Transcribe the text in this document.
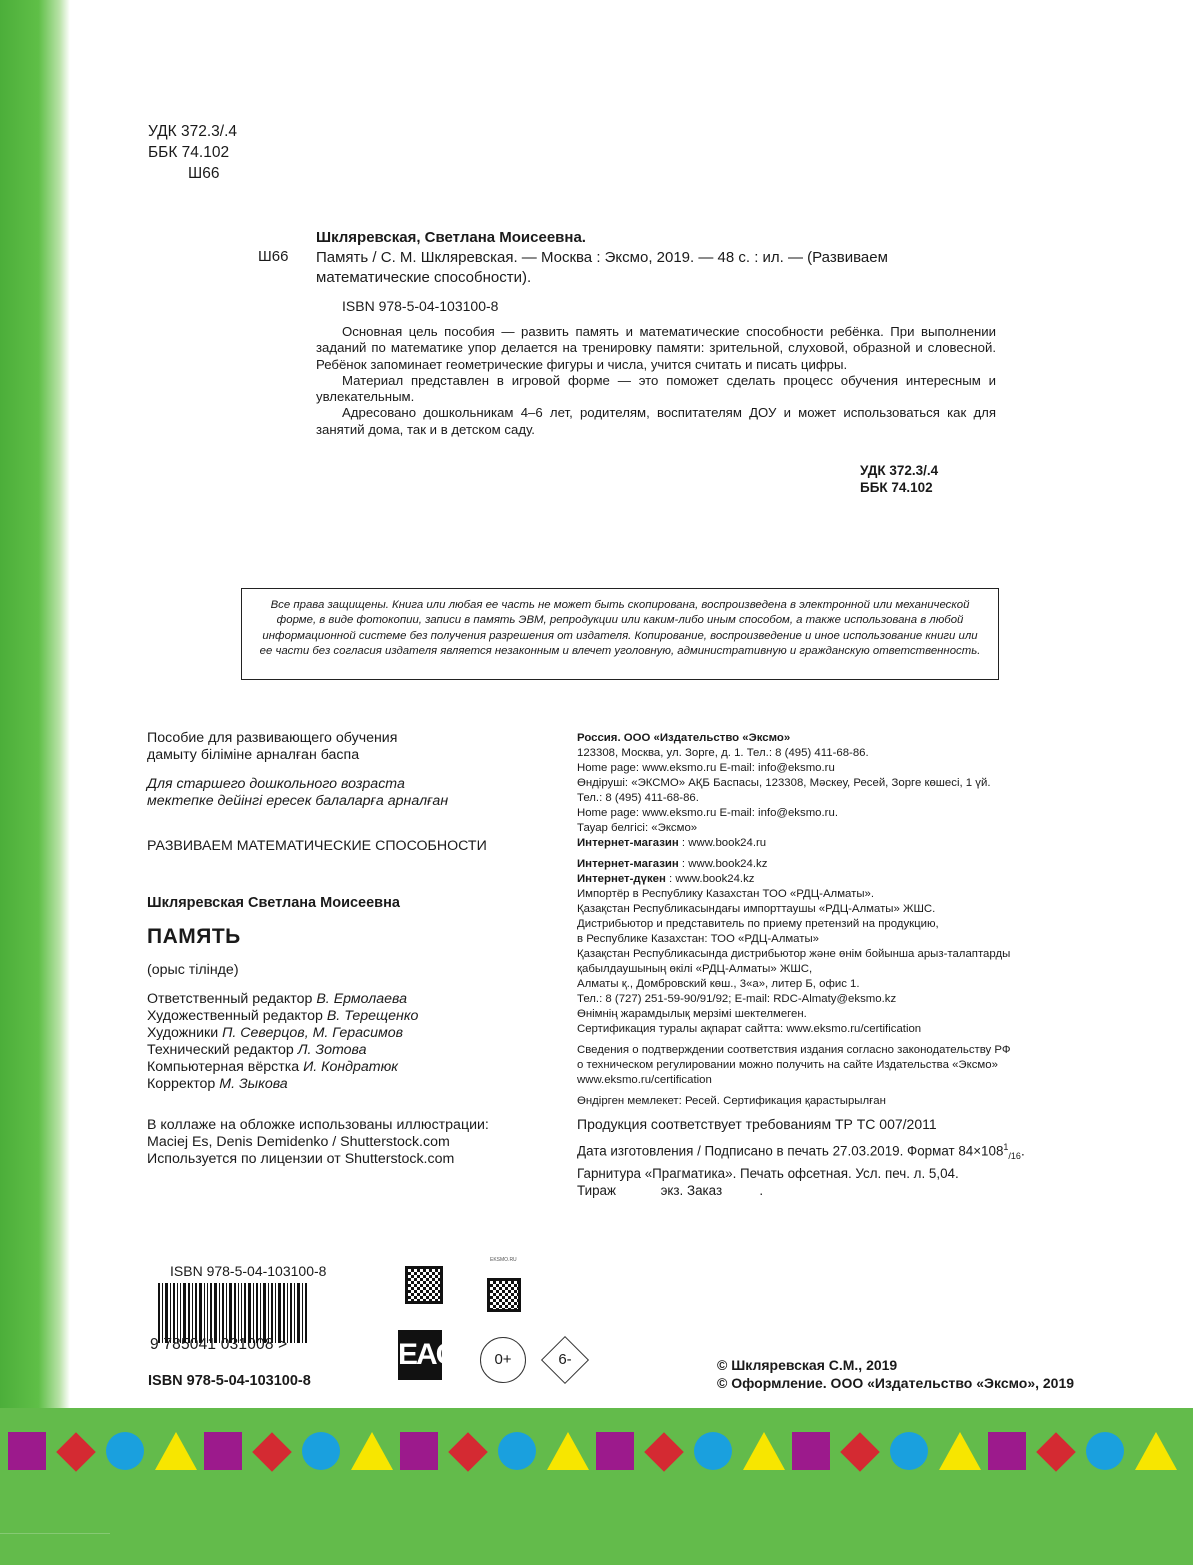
УДК 372.3/.4
ББК 74.102
Ш66
Шклярeвская, Светлана Моисеевна.
Ш66 Память / С. М. Шклярeвская. — Москва : Эксмо, 2019. — 48 с. : ил. — (Развиваем математические способности).
ISBN 978-5-04-103100-8

Основная цель пособия — развить память и математические способности ребёнка. При выполнении заданий по математике упор делается на тренировку памяти: зрительной, слуховой, образной и словесной. Ребёнок запоминает геометрические фигуры и числа, учится считать и писать цифры.

Материал представлен в игровой форме — это поможет сделать процесс обучения интересным и увлекательным.

Адресовано дошкольникам 4–6 лет, родителям, воспитателям ДОУ и может использоваться как для занятий дома, так и в детском саду.

УДК 372.3/.4
ББК 74.102
Все права защищены. Книга или любая ее часть не может быть скопирована, воспроизведена в электронной или механической форме, в виде фотокопии, записи в память ЭВМ, репродукции или каким-либо иным способом, а также использована в любой информационной системе без получения разрешения от издателя. Копирование, воспроизведение и иное использование книги или ее части без согласия издателя является незаконным и влечет уголовную, административную и гражданскую ответственность.
Пособие для развивающего обучения
дамыту біліміне арналған баспа
Для старшего дошкольного возраста
мектепке дейінгі ересек балаларға арналған
РАЗВИВАЕМ МАТЕМАТИЧЕСКИЕ СПОСОБНОСТИ
Шклярeвская Светлана Моисеевна
ПАМЯТЬ
(орыс тілінде)
Ответственный редактор В. Ермолаева
Художественный редактор В. Терещенко
Художники П. Северцов, М. Герасимов
Технический редактор Л. Зотова
Компьютерная вёрстка И. Кондратюк
Корректор М. Зыкова
В коллаже на обложке использованы иллюстрации:
Maciej Es, Denis Demidenko / Shutterstock.com
Используется по лицензии от Shutterstock.com
Россия. ООО «Издательство «Эксмо»
123308, Москва, ул. Зорге, д. 1. Тел.: 8 (495) 411-68-86.
Home page: www.eksmo.ru E-mail: info@eksmo.ru
Өндіруші: «ЭКСМО» АҚБ Баспасы, 123308, Мәскеу, Ресей, Зорге көшесі, 1 үй.
Тел.: 8 (495) 411-68-86.
Home page: www.eksmo.ru E-mail: info@eksmo.ru.
Тауар белгісі: «Эксмо»
Интернет-магазин : www.book24.ru
Интернет-магазин : www.book24.kz
Интернет-дүкен : www.book24.kz
Импортёр в Республику Казахстан ТОО «РДЦ-Алматы».
Қазақстан Республикасындағы импорттаушы «РДЦ-Алматы» ЖШС.
Дистрибьютор и представитель по приему претензий на продукцию,
в Республике Казахстан: ТОО «РДЦ-Алматы»
Қазақстан Республикасында дистрибьютор және өнім бойынша арыз-талаптарды
қабылдаушының өкілі «РДЦ-Алматы» ЖШС,
Алматы қ., Домбровский көш., 3«а», литер Б, офис 1.
Тел.: 8 (727) 251-59-90/91/92; E-mail: RDC-Almaty@eksmo.kz
Өнімнің жарамдылық мерзімі шектелмеген.
Сертификация туралы ақпарат сайтта: www.eksmo.ru/certification
Сведения о подтверждении соответствия издания согласно законодательству РФ
о техническом регулировании можно получить на сайте Издательства «Эксмо»
www.eksmo.ru/certification
Өндірген мемлекет: Ресей. Сертификация қарастырылған
Продукция соответствует требованиям ТР ТС 007/2011
Дата изготовления / Подписано в печать 27.03.2019. Формат $84\times 108^1_{/16}$.
Гарнитура «Прагматика». Печать офсетная. Усл. печ. л. 5,04.
Тираж            экз. Заказ          .
ISBN 978-5-04-103100-8
9 785041 031008 >
ISBN 978-5-04-103100-8
EKSMO.RU
EAC	0+	6-	© Шклярeвская С.М., 2019
© Оформление. ООО «Издательство «Эксмо», 2019
